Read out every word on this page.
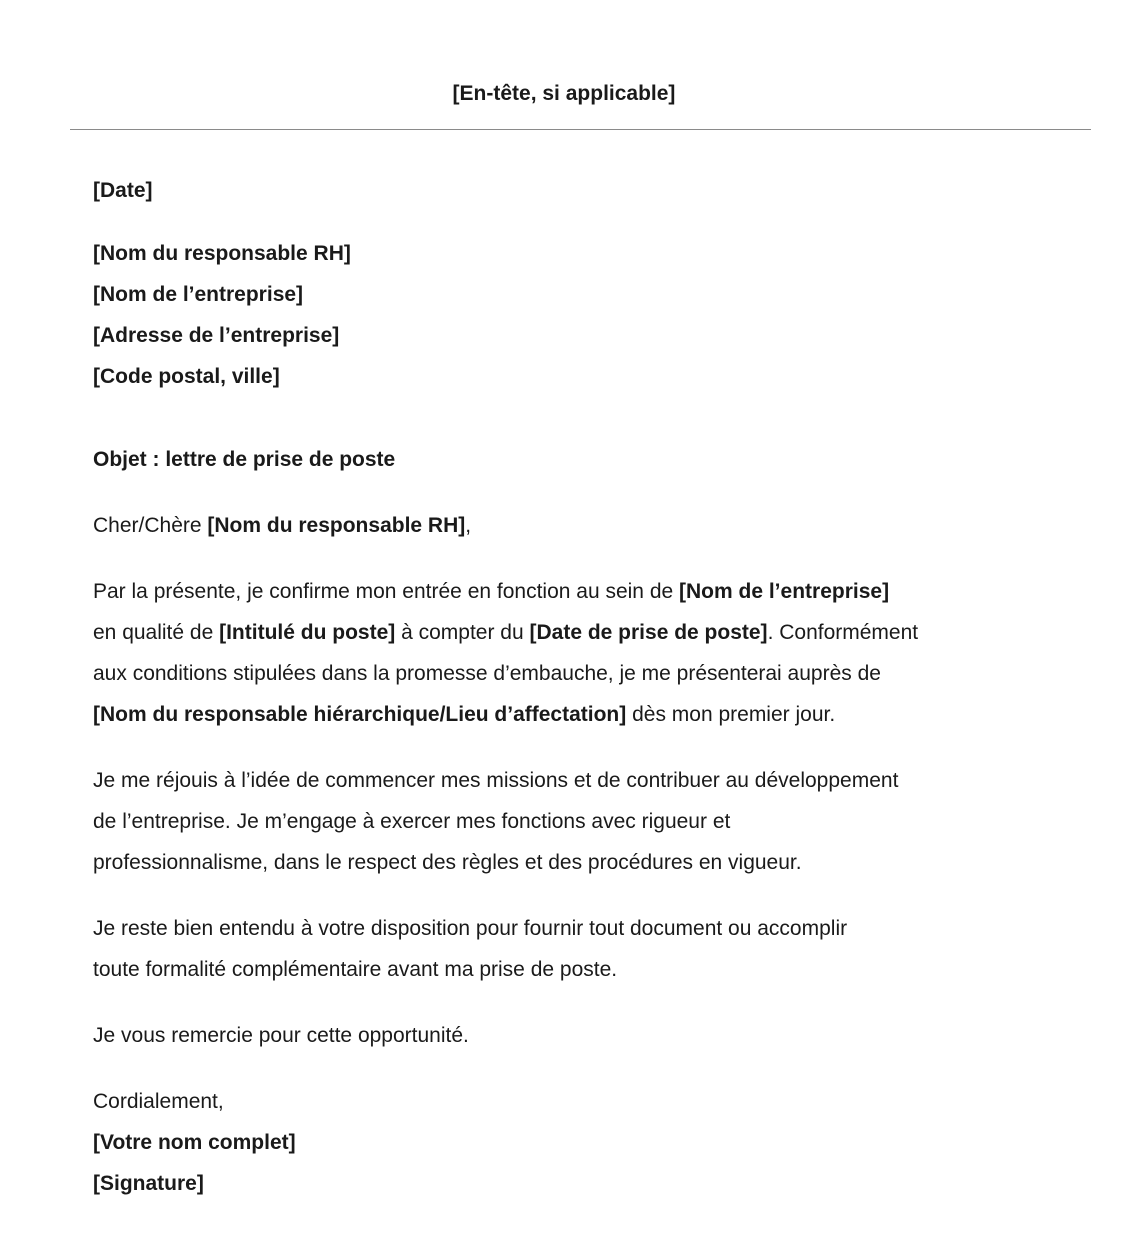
[En-tête, si applicable]
[Date]
[Nom du responsable RH]
[Nom de l’entreprise]
[Adresse de l’entreprise]
[Code postal, ville]
Objet : lettre de prise de poste
Cher/Chère [Nom du responsable RH],
Par la présente, je confirme mon entrée en fonction au sein de [Nom de l’entreprise]
en qualité de [Intitulé du poste] à compter du [Date de prise de poste]. Conformément
aux conditions stipulées dans la promesse d’embauche, je me présenterai auprès de
[Nom du responsable hiérarchique/Lieu d’affectation] dès mon premier jour.
Je me réjouis à l’idée de commencer mes missions et de contribuer au développement
de l’entreprise. Je m’engage à exercer mes fonctions avec rigueur et
professionnalisme, dans le respect des règles et des procédures en vigueur.
Je reste bien entendu à votre disposition pour fournir tout document ou accomplir
toute formalité complémentaire avant ma prise de poste.
Je vous remercie pour cette opportunité.
Cordialement,
[Votre nom complet]
[Signature]
